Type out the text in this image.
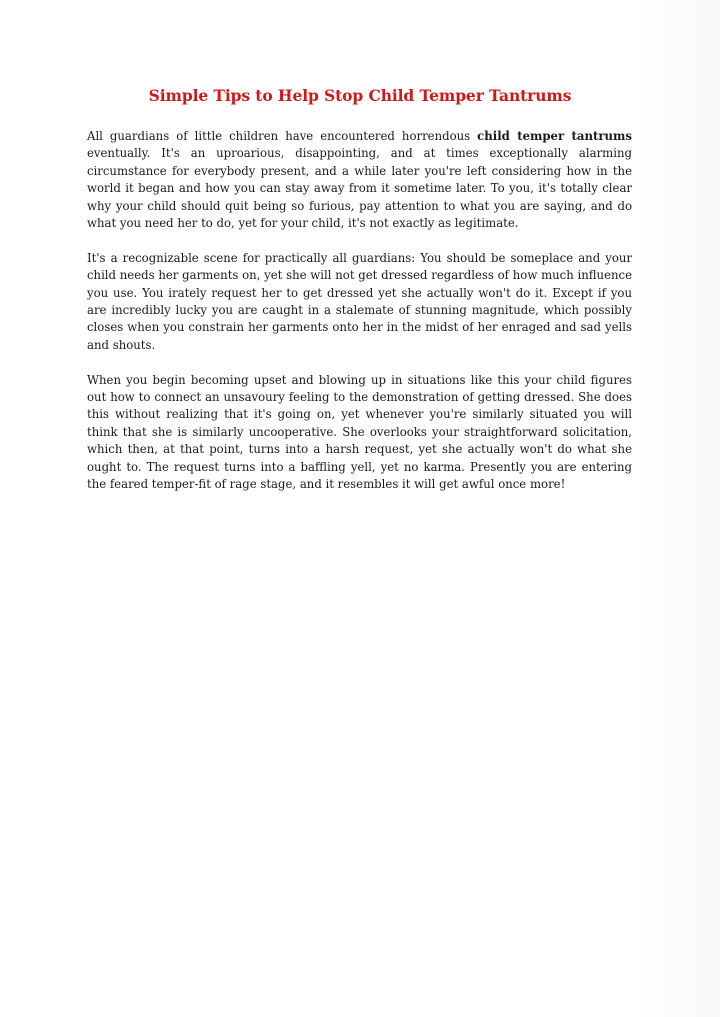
Simple Tips to Help Stop Child Temper Tantrums

All guardians of little children have encountered horrendous child temper tantrums eventually. It's an uproarious, disappointing, and at times exceptionally alarming circumstance for everybody present, and a while later you're left considering how in the world it began and how you can stay away from it sometime later. To you, it's totally clear why your child should quit being so furious, pay attention to what you are saying, and do what you need her to do, yet for your child, it's not exactly as legitimate.

It's a recognizable scene for practically all guardians: You should be someplace and your child needs her garments on, yet she will not get dressed regardless of how much influence you use. You irately request her to get dressed yet she actually won't do it. Except if you are incredibly lucky you are caught in a stalemate of stunning magnitude, which possibly closes when you constrain her garments onto her in the midst of her enraged and sad yells and shouts.

When you begin becoming upset and blowing up in situations like this your child figures out how to connect an unsavoury feeling to the demonstration of getting dressed. She does this without realizing that it's going on, yet whenever you're similarly situated you will think that she is similarly uncooperative. She overlooks your straightforward solicitation, which then, at that point, turns into a harsh request, yet she actually won't do what she ought to. The request turns into a baffling yell, yet no karma. Presently you are entering the feared temper-fit of rage stage, and it resembles it will get awful once more!
